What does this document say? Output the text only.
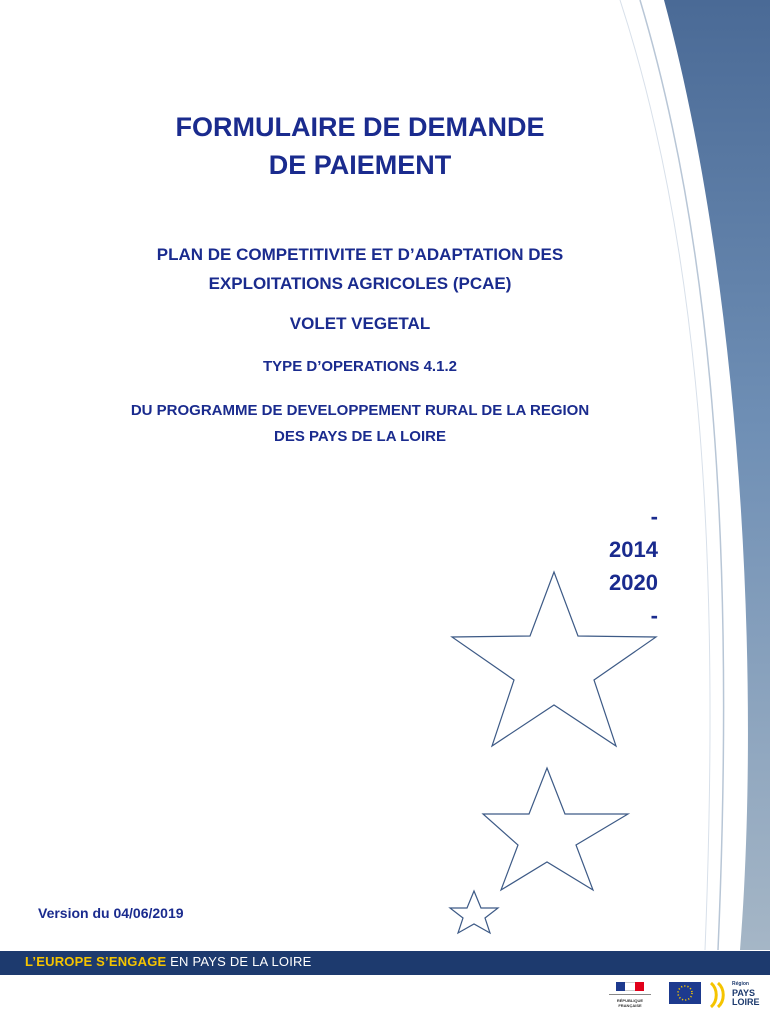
FORMULAIRE DE DEMANDE
DE PAIEMENT
PLAN DE COMPETITIVITE ET D’ADAPTATION DES
EXPLOITATIONS AGRICOLES (PCAE)
VOLET VEGETAL
TYPE D’OPERATIONS 4.1.2
DU PROGRAMME DE DEVELOPPEMENT RURAL DE LA REGION
DES PAYS DE LA LOIRE
-
2014
2020
-
Version du 04/06/2019
L’EUROPE S’ENGAGE EN PAYS DE LA LOIRE
RÉPUBLIQUE FRANÇAISE
Région
PAYS
LOIRE
